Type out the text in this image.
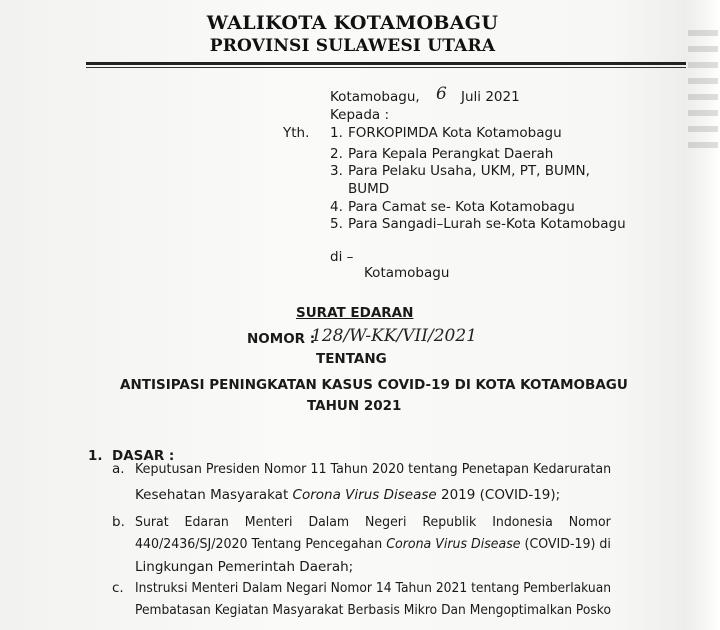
WALIKOTA KOTAMOBAGU
PROVINSI SULAWESI UTARA
Kotamobagu, 6 Juli 2021
Kepada :
Yth. 1. FORKOPIMDA Kota Kotamobagu
2. Para Kepala Perangkat Daerah
3. Para Pelaku Usaha, UKM, PT, BUMN,
BUMD
4. Para Camat se- Kota Kotamobagu
5. Para Sangadi–Lurah se-Kota Kotamobagu
di –
Kotamobagu
SURAT EDARAN
NOMOR :
128/W-KK/VII/2021
TENTANG
ANTISIPASI PENINGKATAN KASUS COVID-19 DI KOTA KOTAMOBAGU
TAHUN 2021
1. DASAR :
a. Keputusan Presiden Nomor 11 Tahun 2020 tentang Penetapan Kedaruratan
Kesehatan Masyarakat Corona Virus Disease 2019 (COVID-19);
b. Surat    Edaran    Menteri    Dalam    Negeri    Republik    Indonesia    Nomor
440/2436/SJ/2020 Tentang Pencegahan Corona Virus Disease (COVID-19) di
Lingkungan Pemerintah Daerah;
c. Instruksi Menteri Dalam Negari Nomor 14 Tahun 2021 tentang Pemberlakuan
Pembatasan Kegiatan Masyarakat Berbasis Mikro Dan Mengoptimalkan Posko
